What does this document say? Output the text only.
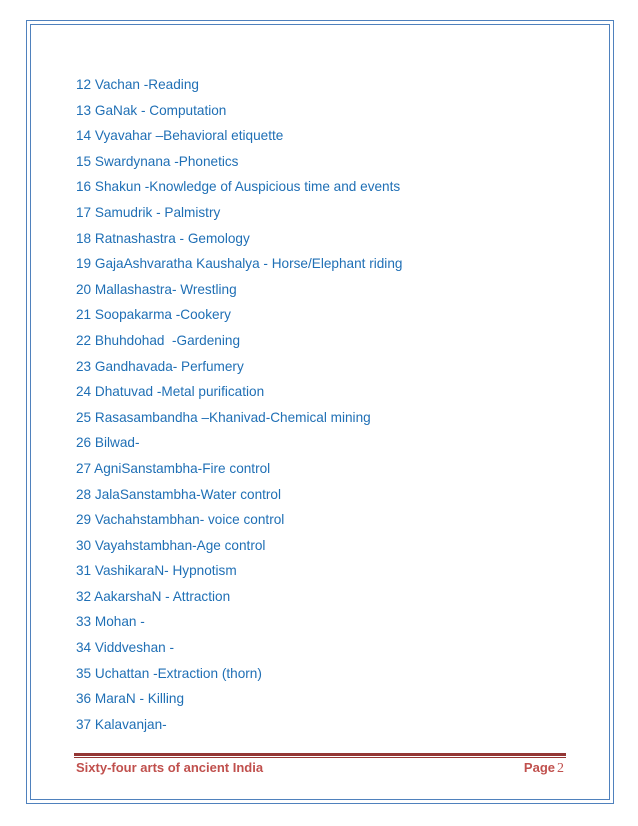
12 Vachan -Reading
13 GaNak - Computation
14 Vyavahar –Behavioral etiquette
15 Swardynana -Phonetics
16 Shakun -Knowledge of Auspicious time and events
17 Samudrik - Palmistry
18 Ratnashastra - Gemology
19 GajaAshvaratha Kaushalya - Horse/Elephant riding
20 Mallashastra- Wrestling
21 Soopakarma -Cookery
22 Bhuhdohad  -Gardening
23 Gandhavada- Perfumery
24 Dhatuvad -Metal purification
25 Rasasambandha –Khanivad-Chemical mining
26 Bilwad-
27 AgniSanstambha-Fire control
28 JalaSanstambha-Water control
29 Vachahstambhan- voice control
30 Vayahstambhan-Age control
31 VashikaraN- Hypnotism
32 AakarshaN - Attraction
33 Mohan -
34 Viddveshan -
35 Uchattan -Extraction (thorn)
36 MaraN - Killing
37 Kalavanjan-
Sixty-four arts of ancient India	Page 2
